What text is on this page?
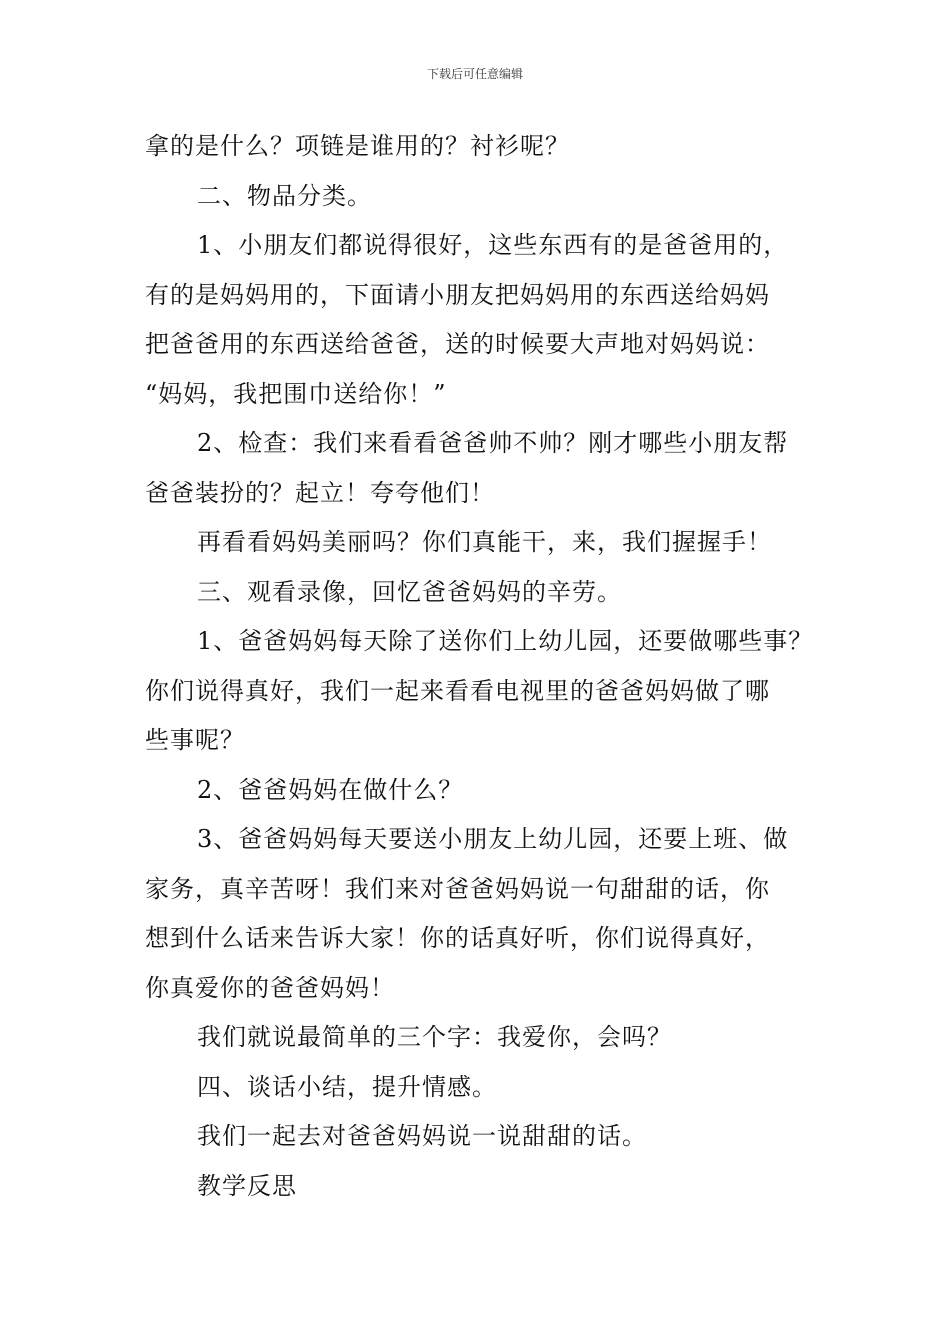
下载后可任意编辑
拿的是什么？项链是谁用的？衬衫呢？
二、物品分类。
1、小朋友们都说得很好，这些东西有的是爸爸用的，
有的是妈妈用的，下面请小朋友把妈妈用的东西送给妈妈
把爸爸用的东西送给爸爸，送的时候要大声地对妈妈说：
“妈妈，我把围巾送给你！”
2、检查：我们来看看爸爸帅不帅？刚才哪些小朋友帮
爸爸装扮的？起立！夸夸他们！
再看看妈妈美丽吗？你们真能干，来，我们握握手！
三、观看录像，回忆爸爸妈妈的辛劳。
1、爸爸妈妈每天除了送你们上幼儿园，还要做哪些事？
你们说得真好，我们一起来看看电视里的爸爸妈妈做了哪
些事呢？
2、爸爸妈妈在做什么？
3、爸爸妈妈每天要送小朋友上幼儿园，还要上班、做
家务，真辛苦呀！我们来对爸爸妈妈说一句甜甜的话，你
想到什么话来告诉大家！你的话真好听，你们说得真好，
你真爱你的爸爸妈妈！
我们就说最简单的三个字：我爱你，会吗？
四、谈话小结，提升情感。
我们一起去对爸爸妈妈说一说甜甜的话。
教学反思
